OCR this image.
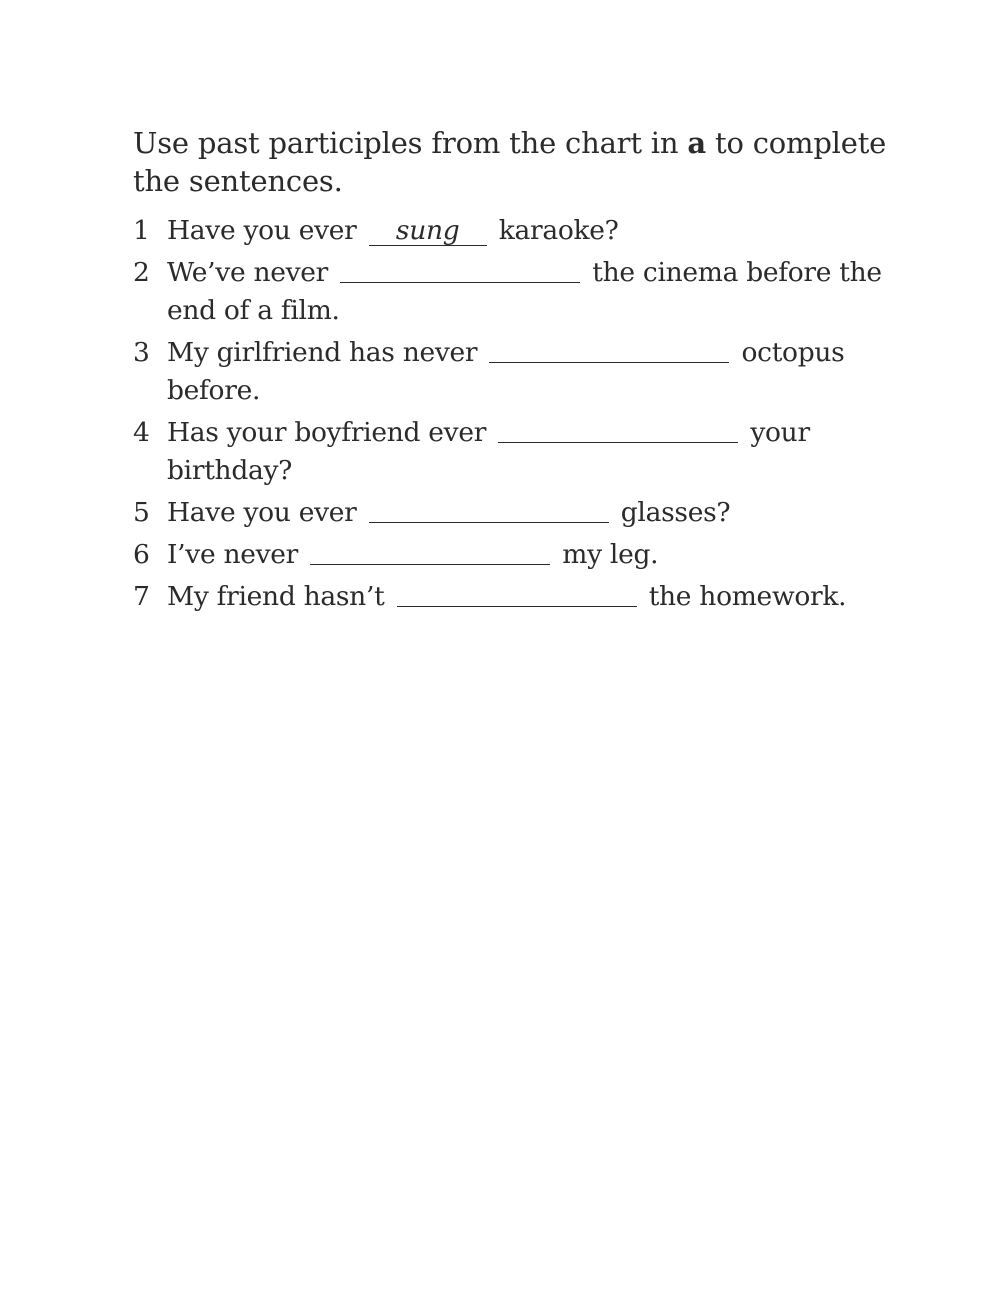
Use past participles from the chart in a to complete the sentences.

1 Have you ever sung karaoke?
2 We’ve never	the cinema before the end of a film.
3 My girlfriend has never	octopus before.
4 Has your boyfriend ever	your birthday?
5 Have you ever	glasses?
6 I’ve never	my leg.
7 My friend hasn’t	the homework.
